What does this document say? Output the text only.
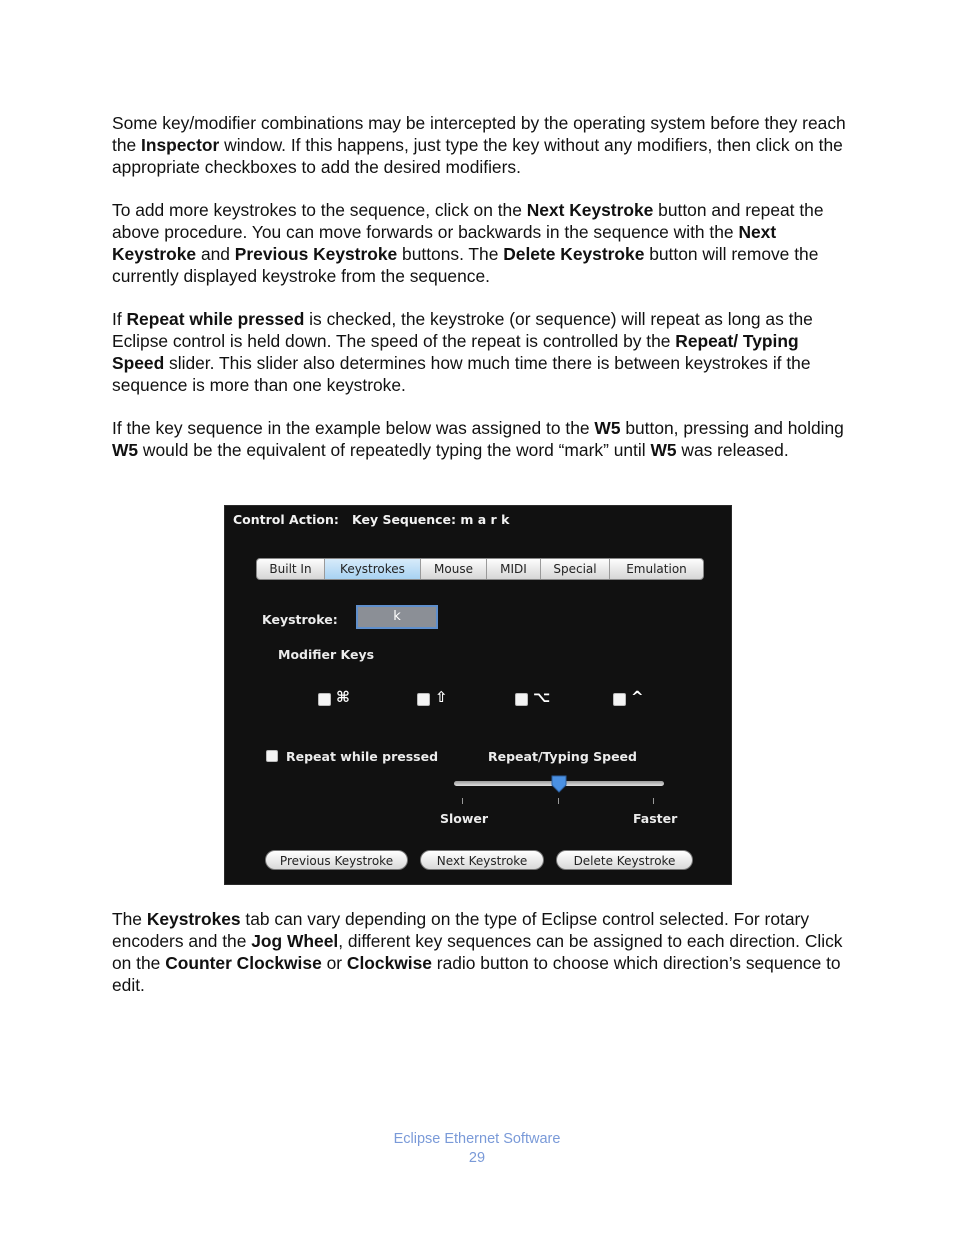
Some key/modifier combinations may be intercepted by the operating system before they reach the Inspector window. If this happens, just type the key without any modifiers, then click on the appropriate checkboxes to add the desired modifiers.

To add more keystrokes to the sequence, click on the Next Keystroke button and repeat the above procedure. You can move forwards or backwards in the sequence with the Next Keystroke and Previous Keystroke buttons. The Delete Keystroke button will remove the currently displayed keystroke from the sequence.

If Repeat while pressed is checked, the keystroke (or sequence) will repeat as long as the Eclipse control is held down. The speed of the repeat is controlled by the Repeat/ Typing Speed slider. This slider also determines how much time there is between keystrokes if the sequence is more than one keystroke.

If the key sequence in the example below was assigned to the W5 button, pressing and holding W5 would be the equivalent of repeatedly typing the word “mark” until W5 was released.

Control Action: Key Sequence: m a r k
Built In	Keystrokes	Mouse	MIDI	Special	Emulation
Keystroke:	k
Modifier Keys
⌘	⇧	⌥	^
Repeat while pressed	Repeat/Typing Speed
Slower	Faster
Previous Keystroke	Next Keystroke	Delete Keystroke

The Keystrokes tab can vary depending on the type of Eclipse control selected. For rotary encoders and the Jog Wheel, different key sequences can be assigned to each direction. Click on the Counter Clockwise or Clockwise radio button to choose which direction’s sequence to edit.

Eclipse Ethernet Software
29
